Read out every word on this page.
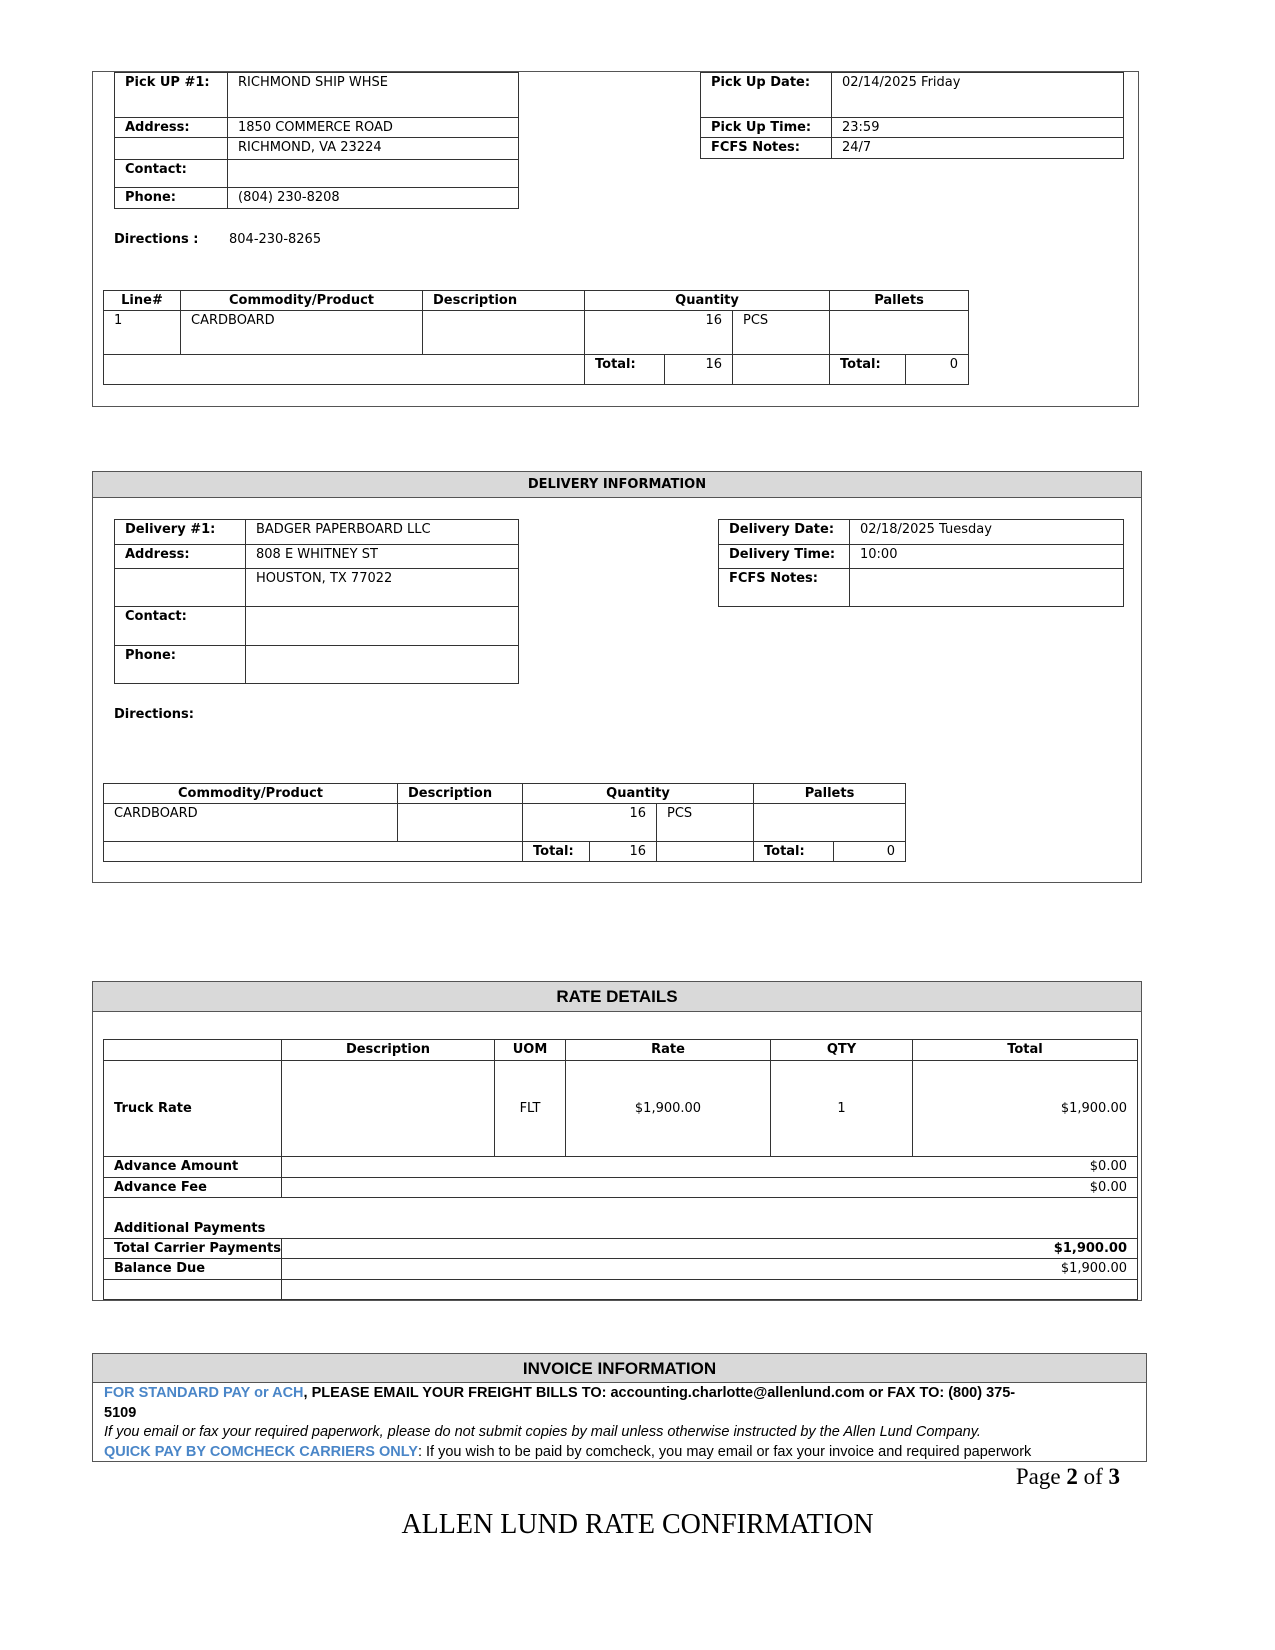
Pick UP #1:	RICHMOND SHIP WHSE
Address:	1850 COMMERCE ROAD
	RICHMOND, VA 23224
Contact:	
Phone:	(804) 230-8208
Pick Up Date:	02/14/2025 Friday
Pick Up Time:	23:59
FCFS Notes:	24/7
Directions : 804-230-8265
Line#	Commodity/Product	Description	Quantity			Pallets	
1	CARDBOARD		16		PCS		
			Total:	16		Total:	0
DELIVERY INFORMATION
Delivery #1:	BADGER PAPERBOARD LLC
Address:	808 E WHITNEY ST
	HOUSTON, TX 77022
Contact:	
Phone:	
Delivery Date:	02/18/2025 Tuesday
Delivery Time:	10:00
FCFS Notes:	
Directions:
Commodity/Product	Description	Quantity			Pallets	
CARDBOARD		16		PCS		
		Total:	16		Total:	0
RATE DETAILS
	Description	UOM	Rate	QTY	Total
Truck Rate		FLT	$1,900.00	1	$1,900.00
Advance Amount	$0.00				
Advance Fee	$0.00				
Additional Payments					
Total Carrier Payments	$1,900.00				
Balance Due	$1,900.00				

INVOICE INFORMATION
FOR STANDARD PAY or ACH, PLEASE EMAIL YOUR FREIGHT BILLS TO: accounting.charlotte@allenlund.com or FAX TO: (800) 375-
5109
If you email or fax your required paperwork, please do not submit copies by mail unless otherwise instructed by the Allen Lund Company.
QUICK PAY BY COMCHECK CARRIERS ONLY: If you wish to be paid by comcheck, you may email or fax your invoice and required paperwork
Page 2 of 3
ALLEN LUND RATE CONFIRMATION
